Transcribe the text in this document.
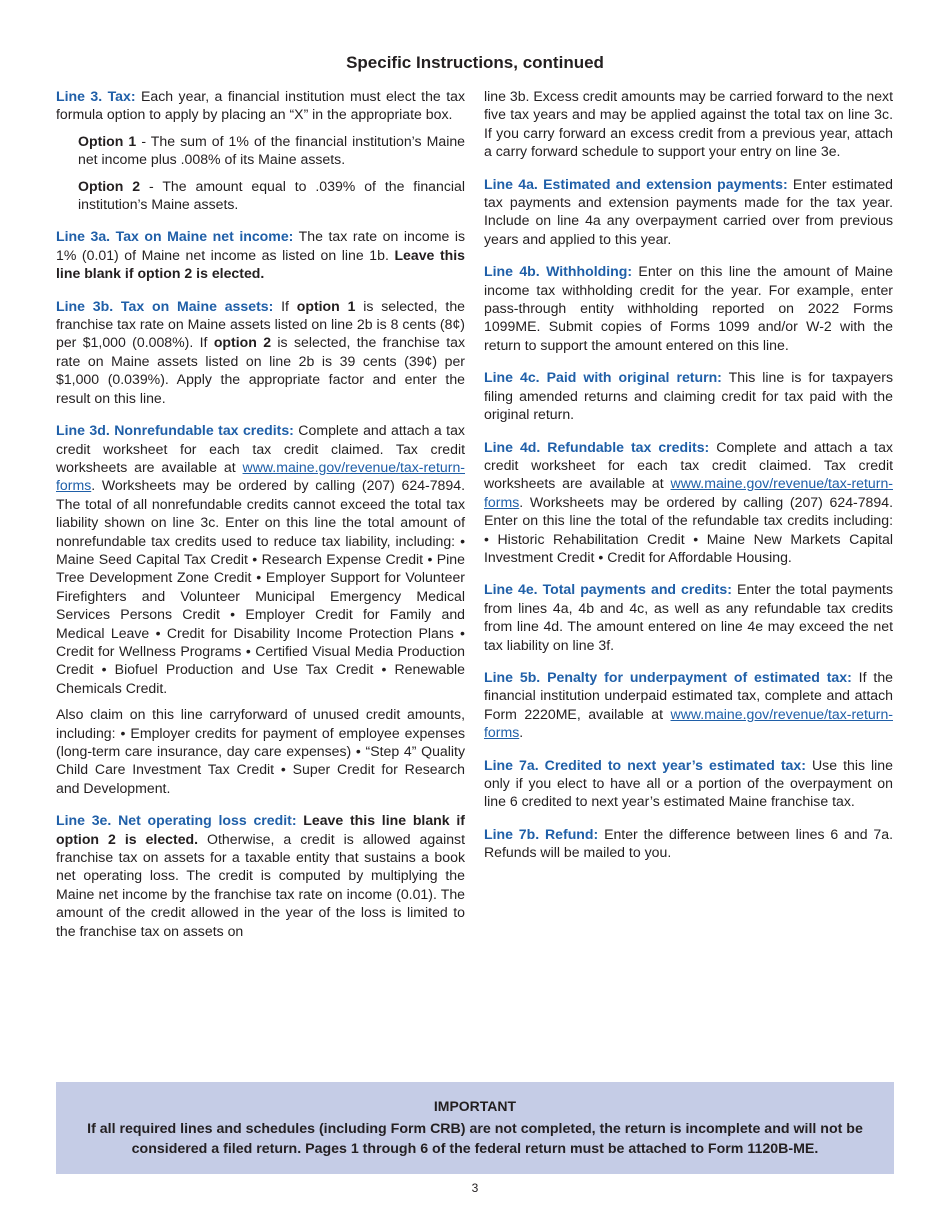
Specific Instructions, continued

Line 3. Tax: Each year, a financial institution must elect the tax formula option to apply by placing an “X” in the appropriate box.

Option 1 - The sum of 1% of the financial institution’s Maine net income plus .008% of its Maine assets.

Option 2 - The amount equal to .039% of the financial institution’s Maine assets.

Line 3a. Tax on Maine net income: The tax rate on income is 1% (0.01) of Maine net income as listed on line 1b. Leave this line blank if option 2 is elected.

Line 3b. Tax on Maine assets: If option 1 is selected, the franchise tax rate on Maine assets listed on line 2b is 8 cents (8¢) per $1,000 (0.008%). If option 2 is selected, the franchise tax rate on Maine assets listed on line 2b is 39 cents (39¢) per $1,000 (0.039%). Apply the appropriate factor and enter the result on this line.

Line 3d. Nonrefundable tax credits: Complete and attach a tax credit worksheet for each tax credit claimed. Tax credit worksheets are available at www.maine.gov/revenue/tax-return-forms. Worksheets may be ordered by calling (207) 624-7894. The total of all nonrefundable credits cannot exceed the total tax liability shown on line 3c. Enter on this line the total amount of nonrefundable tax credits used to reduce tax liability, including: • Maine Seed Capital Tax Credit • Research Expense Credit • Pine Tree Development Zone Credit • Employer Support for Volunteer Firefighters and Volunteer Municipal Emergency Medical Services Persons Credit • Employer Credit for Family and Medical Leave • Credit for Disability Income Protection Plans • Credit for Wellness Programs • Certified Visual Media Production Credit • Biofuel Production and Use Tax Credit • Renewable Chemicals Credit.

Also claim on this line carryforward of unused credit amounts, including: • Employer credits for payment of employee expenses (long-term care insurance, day care expenses) • “Step 4” Quality Child Care Investment Tax Credit • Super Credit for Research and Development.

Line 3e. Net operating loss credit: Leave this line blank if option 2 is elected. Otherwise, a credit is allowed against franchise tax on assets for a taxable entity that sustains a book net operating loss. The credit is computed by multiplying the Maine net income by the franchise tax rate on income (0.01). The amount of the credit allowed in the year of the loss is limited to the franchise tax on assets on

line 3b. Excess credit amounts may be carried forward to the next five tax years and may be applied against the total tax on line 3c. If you carry forward an excess credit from a previous year, attach a carry forward schedule to support your entry on line 3e.

Line 4a. Estimated and extension payments: Enter estimated tax payments and extension payments made for the tax year. Include on line 4a any overpayment carried over from previous years and applied to this year.

Line 4b. Withholding: Enter on this line the amount of Maine income tax withholding credit for the year. For example, enter pass-through entity withholding reported on 2022 Forms 1099ME. Submit copies of Forms 1099 and/or W-2 with the return to support the amount entered on this line.

Line 4c. Paid with original return: This line is for taxpayers filing amended returns and claiming credit for tax paid with the original return.

Line 4d. Refundable tax credits: Complete and attach a tax credit worksheet for each tax credit claimed. Tax credit worksheets are available at www.maine.gov/revenue/tax-return-forms. Worksheets may be ordered by calling (207) 624-7894. Enter on this line the total of the refundable tax credits including: • Historic Rehabilitation Credit • Maine New Markets Capital Investment Credit • Credit for Affordable Housing.

Line 4e. Total payments and credits: Enter the total payments from lines 4a, 4b and 4c, as well as any refundable tax credits from line 4d. The amount entered on line 4e may exceed the net tax liability on line 3f.

Line 5b. Penalty for underpayment of estimated tax: If the financial institution underpaid estimated tax, complete and attach Form 2220ME, available at www.maine.gov/revenue/tax-return-forms.

Line 7a. Credited to next year’s estimated tax: Use this line only if you elect to have all or a portion of the overpayment on line 6 credited to next year’s estimated Maine franchise tax.

Line 7b. Refund: Enter the difference between lines 6 and 7a. Refunds will be mailed to you.

IMPORTANT
If all required lines and schedules (including Form CRB) are not completed, the return is incomplete and will not be considered a filed return. Pages 1 through 6 of the federal return must be attached to Form 1120B-ME.
3
